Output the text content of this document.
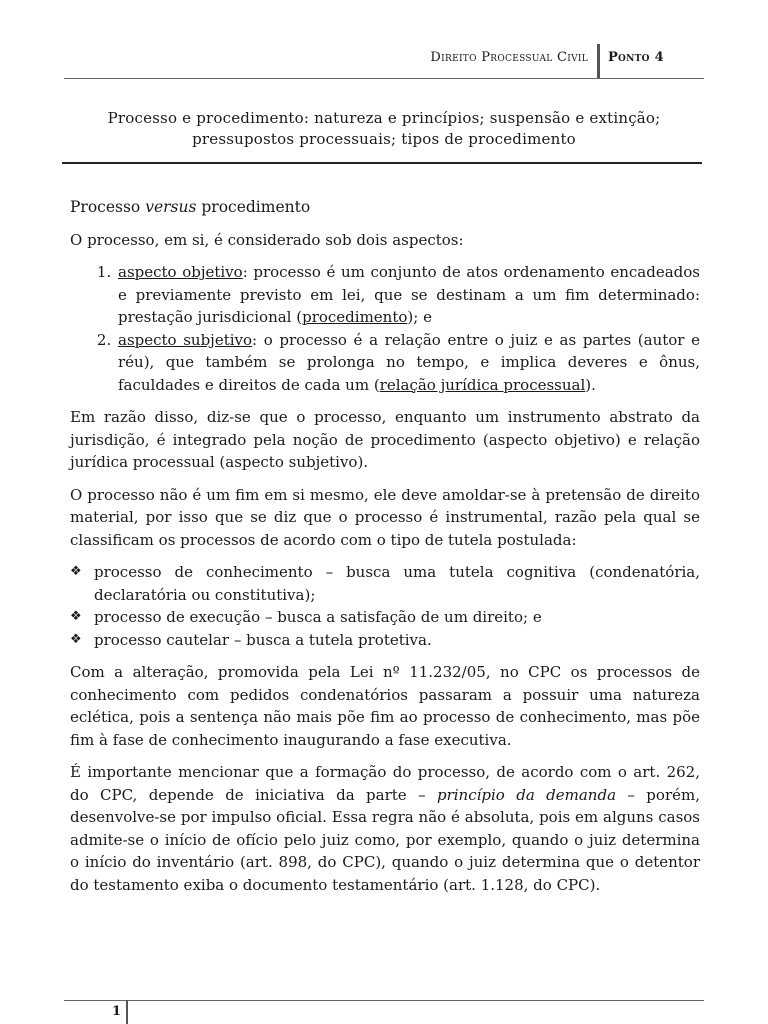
Direito Processual Civil Ponto 4
Processo e procedimento: natureza e princípios; suspensão e extinção;
pressupostos processuais; tipos de procedimento

Processo versus procedimento

O processo, em si, é considerado sob dois aspectos:

1. aspecto objetivo: processo é um conjunto de atos ordenamento encadeados e previamente previsto em lei, que se destinam a um fim determinado: prestação jurisdicional (procedimento); e
2. aspecto subjetivo: o processo é a relação entre o juiz e as partes (autor e réu), que também se prolonga no tempo, e implica deveres e ônus, faculdades e direitos de cada um (relação jurídica processual).

Em razão disso, diz-se que o processo, enquanto um instrumento abstrato da jurisdição, é integrado pela noção de procedimento (aspecto objetivo) e relação jurídica processual (aspecto subjetivo).

O processo não é um fim em si mesmo, ele deve amoldar-se à pretensão de direito material, por isso que se diz que o processo é instrumental, razão pela qual se classificam os processos de acordo com o tipo de tutela postulada:

❖ processo de conhecimento – busca uma tutela cognitiva (condenatória, declaratória ou constitutiva);
❖ processo de execução – busca a satisfação de um direito; e
❖ processo cautelar – busca a tutela protetiva.

Com a alteração, promovida pela Lei nº 11.232/05, no CPC os processos de conhecimento com pedidos condenatórios passaram a possuir uma natureza eclética, pois a sentença não mais põe fim ao processo de conhecimento, mas põe fim à fase de conhecimento inaugurando a fase executiva.

É importante mencionar que a formação do processo, de acordo com o art. 262, do CPC, depende de iniciativa da parte – princípio da demanda – porém, desenvolve-se por impulso oficial. Essa regra não é absoluta, pois em alguns casos admite-se o início de ofício pelo juiz como, por exemplo, quando o juiz determina o início do inventário (art. 898, do CPC), quando o juiz determina que o detentor do testamento exiba o documento testamentário (art. 1.128, do CPC).

1
